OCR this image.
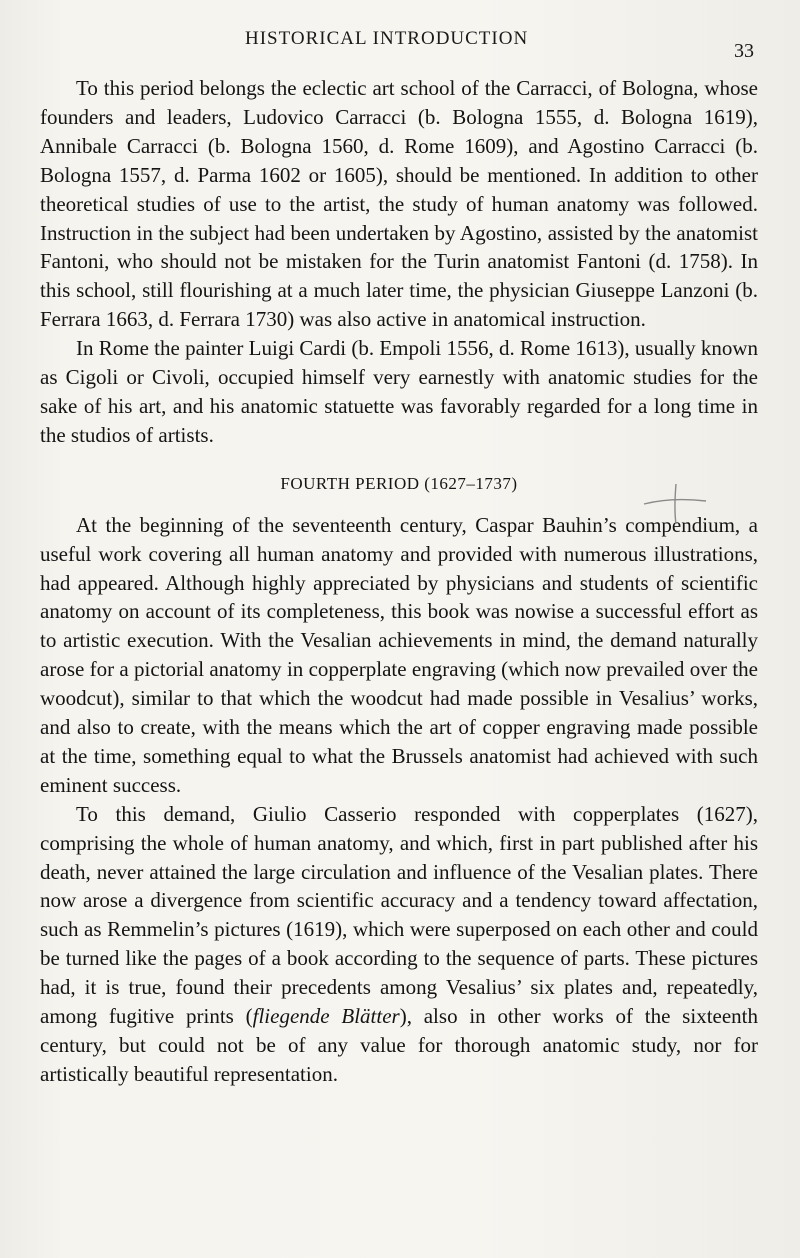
HISTORICAL INTRODUCTION
33

To this period belongs the eclectic art school of the Carracci, of Bologna, whose founders and leaders, Ludovico Carracci (b. Bologna 1555, d. Bologna 1619), Annibale Carracci (b. Bologna 1560, d. Rome 1609), and Agostino Carracci (b. Bologna 1557, d. Parma 1602 or 1605), should be mentioned. In addition to other theoretical studies of use to the artist, the study of human anatomy was followed. Instruction in the subject had been undertaken by Agostino, assisted by the anatomist Fantoni, who should not be mistaken for the Turin anatomist Fantoni (d. 1758). In this school, still flourishing at a much later time, the physician Giuseppe Lanzoni (b. Ferrara 1663, d. Ferrara 1730) was also active in anatomical instruction.

In Rome the painter Luigi Cardi (b. Empoli 1556, d. Rome 1613), usually known as Cigoli or Civoli, occupied himself very earnestly with anatomic studies for the sake of his art, and his anatomic statuette was favorably regarded for a long time in the studios of artists.

FOURTH PERIOD (1627–1737)

At the beginning of the seventeenth century, Caspar Bauhin’s compendium, a useful work covering all human anatomy and provided with numerous illustrations, had appeared. Although highly appreciated by physicians and students of scientific anatomy on account of its completeness, this book was nowise a successful effort as to artistic execution. With the Vesalian achievements in mind, the demand naturally arose for a pictorial anatomy in copperplate engraving (which now prevailed over the woodcut), similar to that which the woodcut had made possible in Vesalius’ works, and also to create, with the means which the art of copper engraving made possible at the time, something equal to what the Brussels anatomist had achieved with such eminent success.

To this demand, Giulio Casserio responded with copperplates (1627), comprising the whole of human anatomy, and which, first in part published after his death, never attained the large circulation and influence of the Vesalian plates. There now arose a divergence from scientific accuracy and a tendency toward affectation, such as Remmelin’s pictures (1619), which were superposed on each other and could be turned like the pages of a book according to the sequence of parts. These pictures had, it is true, found their precedents among Vesalius’ six plates and, repeatedly, among fugitive prints (fliegende Blätter), also in other works of the sixteenth century, but could not be of any value for thorough anatomic study, nor for artistically beautiful representation.
